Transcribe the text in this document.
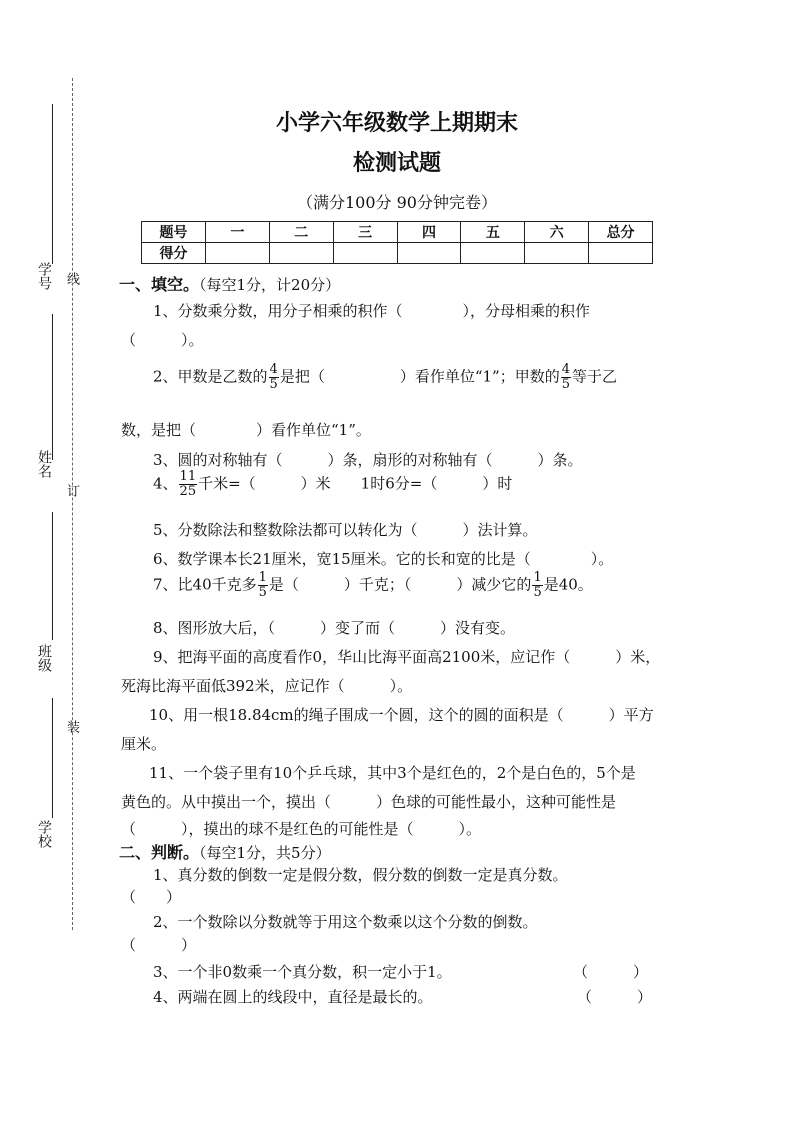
学号
姓名
班级
学校
线
订
装
小学六年级数学上期期末
检测试题
（满分100分 90分钟完卷）
题号	一	二	三	四	五	六	总分
得分							
一、填空。（每空1分，计20分）
1、分数乘分数，用分子相乘的积作（　　　　），分母相乘的积作
（　　　）。
2、甲数是乙数的 $\frac{4}{5}$ 是把（　　　　　）看作单位“1”；甲数的 $\frac{4}{5}$ 等于乙
数，是把（　　　　）看作单位“1”。
3、圆的对称轴有（　　　）条，扇形的对称轴有（　　　）条。
4、 $\frac{11}{25}$ 千米=（　　　）米　　1时6分=（　　　）时
5、分数除法和整数除法都可以转化为（　　　）法计算。
6、数学课本长21厘米，宽15厘米。它的长和宽的比是（　　　　）。
7、比40千克多 $\frac{1}{5}$ 是（　　　）千克；（　　　）减少它的 $\frac{1}{5}$ 是40。
8、图形放大后，（　　　）变了而（　　　）没有变。
9、把海平面的高度看作0，华山比海平面高2100米，应记作（　　　）米，
死海比海平面低392米，应记作（　　　）。
10、用一根18.84cm的绳子围成一个圆，这个的圆的面积是（　　　）平方
厘米。
11、一个袋子里有10个乒乓球，其中3个是红色的，2个是白色的，5个是
黄色的。从中摸出一个，摸出（　　　）色球的可能性最小，这种可能性是
（　　　），摸出的球不是红色的可能性是（　　　）。
二、判断。（每空1分，共5分）
1、真分数的倒数一定是假分数，假分数的倒数一定是真分数。
（　　）
2、一个数除以分数就等于用这个数乘以这个分数的倒数。
（　　　）
3、一个非0数乘一个真分数，积一定小于1。	（　　　）
4、两端在圆上的线段中，直径是最长的。	（　　　）
